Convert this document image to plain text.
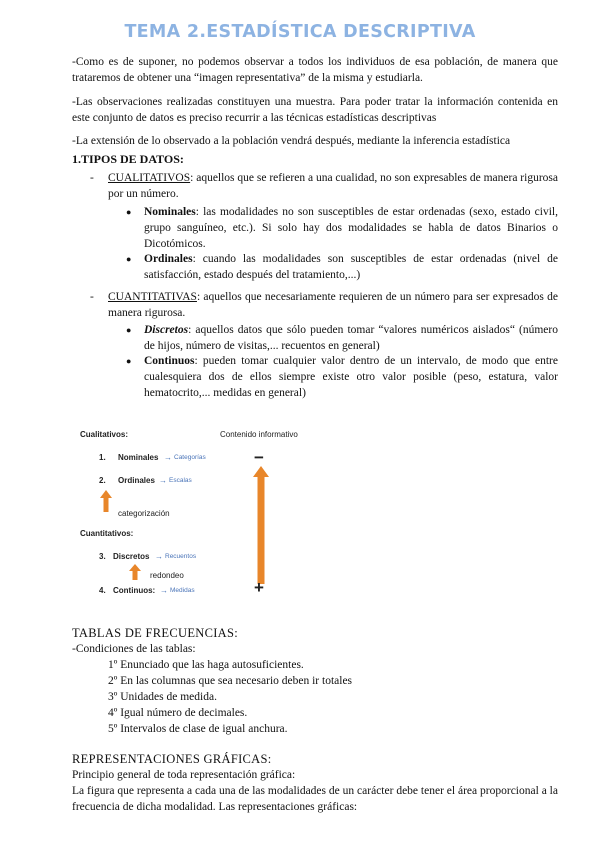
TEMA 2.ESTADÍSTICA DESCRIPTIVA
-Como es de suponer, no podemos observar a todos los individuos de esa población, de manera que trataremos de obtener una “imagen representativa” de la misma y estudiarla.
-Las observaciones realizadas constituyen una muestra. Para poder tratar la información contenida en este conjunto de datos es preciso recurrir a las técnicas estadísticas descriptivas
-La extensión de lo observado a la población vendrá después, mediante la inferencia estadística
1.TIPOS DE DATOS:
- CUALITATIVOS: aquellos que se refieren a una cualidad, no son expresables de manera rigurosa por un número.
● Nominales: las modalidades no son susceptibles de estar ordenadas (sexo, estado civil, grupo sanguíneo, etc.). Si solo hay dos modalidades se habla de datos Binarios o Dicotómicos.
● Ordinales: cuando las modalidades son susceptibles de estar ordenadas (nivel de satisfacción, estado después del tratamiento,...)
- CUANTITATIVAS: aquellos que necesariamente requieren de un número para ser expresados de manera rigurosa.
● Discretos: aquellos datos que sólo pueden tomar “valores numéricos aislados“ (número de hijos, número de visitas,... recuentos en general)
● Continuos: pueden tomar cualquier valor dentro de un intervalo, de modo que entre cualesquiera dos de ellos siempre existe otro valor posible (peso, estatura, valor hematocrito,... medidas en general)
Cualitativos:	Contenido informativo
1. Nominales → Categorías
2. Ordinales → Escalas
categorización
Cuantitativos:
3. Discretos → Recuentos
redondeo
4. Continuos: → Medidas
−
+
TABLAS DE FRECUENCIAS:
-Condiciones de las tablas:
1º Enunciado que las haga autosuficientes.
2º En las columnas que sea necesario deben ir totales
3º Unidades de medida.
4º Igual número de decimales.
5º Intervalos de clase de igual anchura.
REPRESENTACIONES GRÁFICAS:
Principio general de toda representación gráfica:
La figura que representa a cada una de las modalidades de un carácter debe tener el área proporcional a la frecuencia de dicha modalidad. Las representaciones gráficas:
